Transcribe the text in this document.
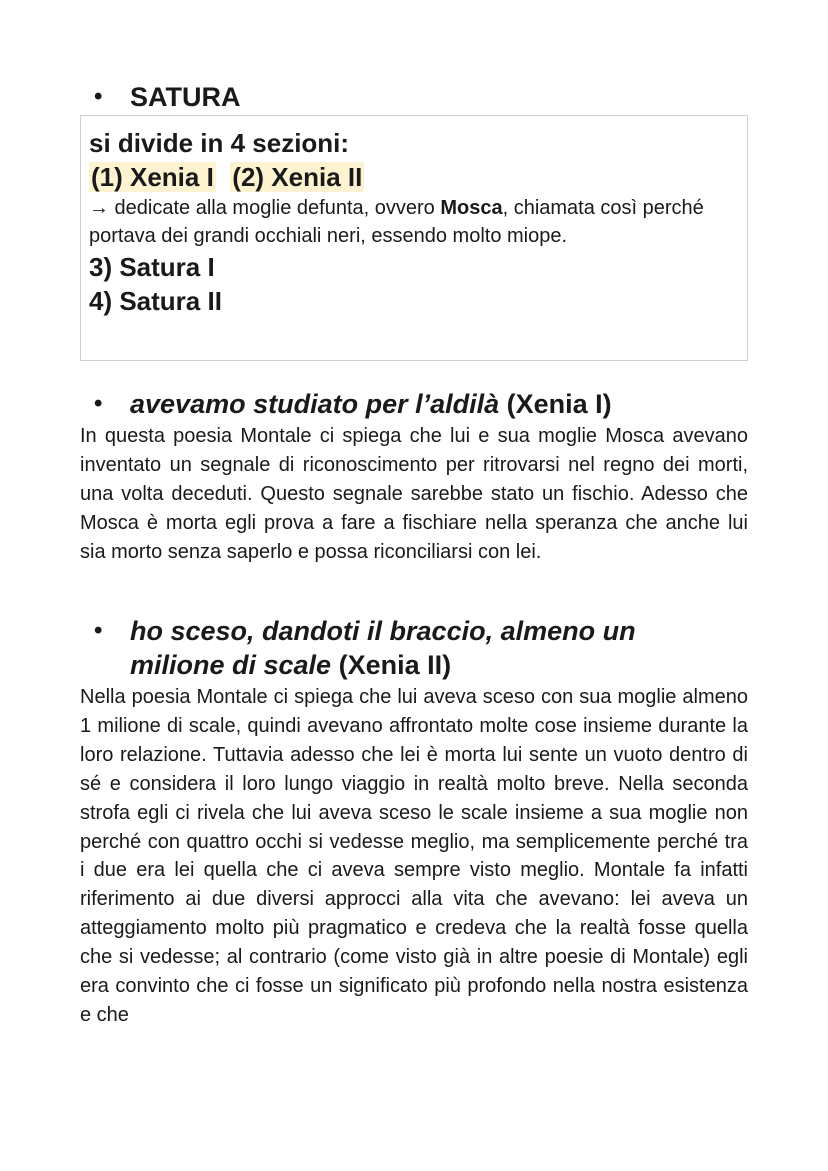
•	SATURA

si divide in 4 sezioni:

(1) Xenia I (2) Xenia II

→ dedicate alla moglie defunta, ovvero Mosca, chiamata così perché portava dei grandi occhiali neri, essendo molto miope.

3) Satura I

4) Satura II

•	avevamo studiato per l’aldilà (Xenia I)

In questa poesia Montale ci spiega che lui e sua moglie Mosca avevano inventato un segnale di riconoscimento per ritrovarsi nel regno dei morti, una volta deceduti. Questo segnale sarebbe stato un fischio. Adesso che Mosca è morta egli prova a fare a fischiare nella speranza che anche lui sia morto senza saperlo e possa riconciliarsi con lei.

•	ho sceso, dandoti il braccio, almeno un milione di scale (Xenia II)

Nella poesia Montale ci spiega che lui aveva sceso con sua moglie almeno 1 milione di scale, quindi avevano affrontato molte cose insieme durante la loro relazione. Tuttavia adesso che lei è morta lui sente un vuoto dentro di sé e considera il loro lungo viaggio in realtà molto breve. Nella seconda strofa egli ci rivela che lui aveva sceso le scale insieme a sua moglie non perché con quattro occhi si vedesse meglio, ma semplicemente perché tra i due era lei quella che ci aveva sempre visto meglio. Montale fa infatti riferimento ai due diversi approcci alla vita che avevano: lei aveva un atteggiamento molto più pragmatico e credeva che la realtà fosse quella che si vedesse; al contrario (come visto già in altre poesie di Montale) egli era convinto che ci fosse un significato più profondo nella nostra esistenza e che
